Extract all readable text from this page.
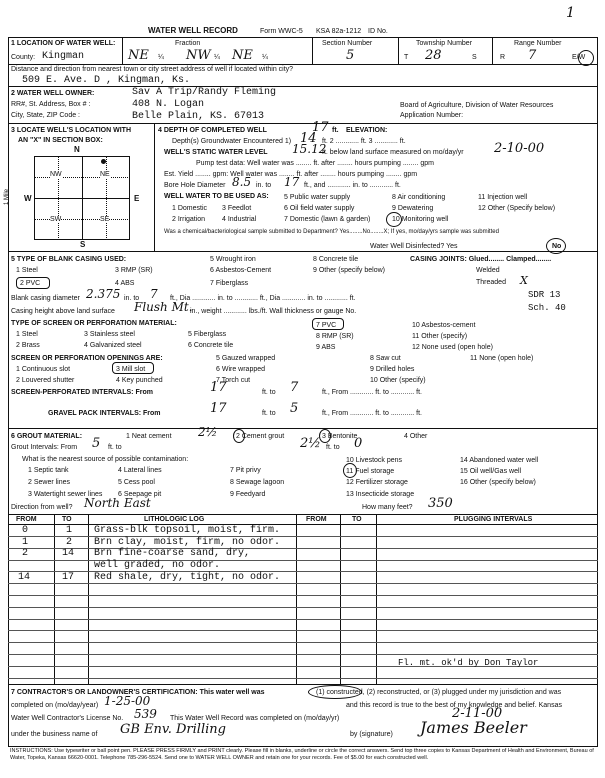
1
WATER WELL RECORD	Form WWC-5 KSA 82a-1212 ID No.
1 LOCATION OF WATER WELL:
County: Kingman
Fraction
NE ¼ NW ¼ NE ¼
Section Number
5
Township Number
T 28	S
Range Number
R 7	E/W
Distance and direction from nearest town or city street address of well if located within city?
509 E. Ave. D , Kingman, Ks.
2 WATER WELL OWNER:	Sav A Trip/Randy Fleming
RR#, St. Address, Box # :	408 N. Logan
City, State, ZIP Code :	Belle Plain, KS. 67013
Board of Agriculture, Division of Water Resources
Application Number:
3 LOCATE WELL'S LOCATION WITH
AN "X" IN SECTION BOX:
N
NW	NE
SW	SE
W	E
S
1 Mile
4 DEPTH OF COMPLETED WELL	17 ft. ELEVATION:
Depth(s) Groundwater Encountered 1) 14 ft. 2 ............ ft. 3 ............ ft.
WELL'S STATIC WATER LEVEL 15.12
ft. below land surface measured on mo/day/yr 2-10-00
Pump test data: Well water was ........ ft. after ........ hours pumping ........ gpm
Est. Yield ........ gpm: Well water was ........ ft. after ........ hours pumping ........ gpm
Bore Hole Diameter 8.5 in. to 17 ft., and ............ in. to ............ ft.
WELL WATER TO BE USED AS: 5 Public water supply	8 Air conditioning	11 Injection well
1 Domestic 3 Feedlot	6 Oil field water supply	9 Dewatering	12 Other (Specify below)
2 Irrigation 4 Industrial	7 Domestic (lawn & garden)	10 Monitoring well
Was a chemical/bacteriological sample submitted to Department? Yes........No........X; If yes, mo/day/yrs sample was submitted
Water Well Disinfected? Yes	No
5 TYPE OF BLANK CASING USED:	5 Wrought iron	8 Concrete tile
1 Steel	3 RMP (SR)	6 Asbestos-Cement	9 Other (specify below)
2 PVC	4 ABS	7 Fiberglass
CASING JOINTS: Glued........ Clamped........
Welded
Threaded X
Blank casing diameter 2.375 in. to 7 ft., Dia ............ in. to ............ ft., Dia ............ in. to ............ ft.	SDR 13
Casing height above land surface Flush Mt.
in., weight ............ lbs./ft. Wall thickness or gauge No.	Sch. 40
TYPE OF SCREEN OR PERFORATION MATERIAL:
1 Steel	3 Stainless steel	5 Fiberglass
7 PVC	10 Asbestos-cement
11 Other (specify)
2 Brass	4 Galvanized steel	6 Concrete tile
8 RMP (SR)
9 ABS	12 None used (open hole)
SCREEN OR PERFORATION OPENINGS ARE:	5 Gauzed wrapped	8 Saw cut	11 None (open hole)
1 Continuous slot	3 Mill slot	6 Wire wrapped	9 Drilled holes
2 Louvered shutter	4 Key punched	7 Torch cut	10 Other (specify)
SCREEN-PERFORATED INTERVALS: From	17	ft. to 7	ft., From ............ ft. to ............ ft.
GRAVEL PACK INTERVALS: From	17	ft. to 5	ft., From ............ ft. to ............ ft.
6 GROUT MATERIAL:	1 Neat cement	2 Cement grout	3 Bentonite	4 Other
2½
Grout Intervals: From 5 ft. to	2½ ft. to 0
What is the nearest source of possible contamination:
1 Septic tank	4 Lateral lines	7 Pit privy
10 Livestock pens	14 Abandoned water well
2 Sewer lines	5 Cess pool	8 Sewage lagoon
11 Fuel storage	15 Oil well/Gas well
3 Watertight sewer lines 6 Seepage pit	9 Feedyard
12 Fertilizer storage	16 Other (specify below)
13 Insecticide storage
Direction from well? North East	How many feet? 350
FROM	TO	LITHOLOGIC LOG	FROM	TO	PLUGGING INTERVALS
0	1 Grass-blk topsoil, moist, firm.
1	2 Brn clay, moist, firm, no odor.
2	14 Brn fine-coarse sand, dry,
well graded, no odor.
14	17 Red shale, dry, tight, no odor.
Fl. mt. ok'd by Don Taylor
7 CONTRACTOR'S OR LANDOWNER'S CERTIFICATION: This water well was	(1) constructed, (2) reconstructed, or (3) plugged under my jurisdiction and was
completed on (mo/day/year) 1-25-00	and this record is true to the best of my knowledge and belief. Kansas
Water Well Contractor's License No. 539 This Water Well Record was completed on (mo/day/yr)	2-11-00
under the business name of GB Env. Drilling	by (signature) James Beeler
INSTRUCTIONS: Use typewriter or ball point pen. PLEASE PRESS FIRMLY and PRINT clearly. Please fill in blanks, underline or circle the correct answers. Send top three copies to Kansas Department of Health and Environment, Bureau of Water, Topeka, Kansas 66620-0001. Telephone 785-296-5524. Send one to WATER WELL OWNER and retain one for your records. Fee of $5.00 for each constructed well.
